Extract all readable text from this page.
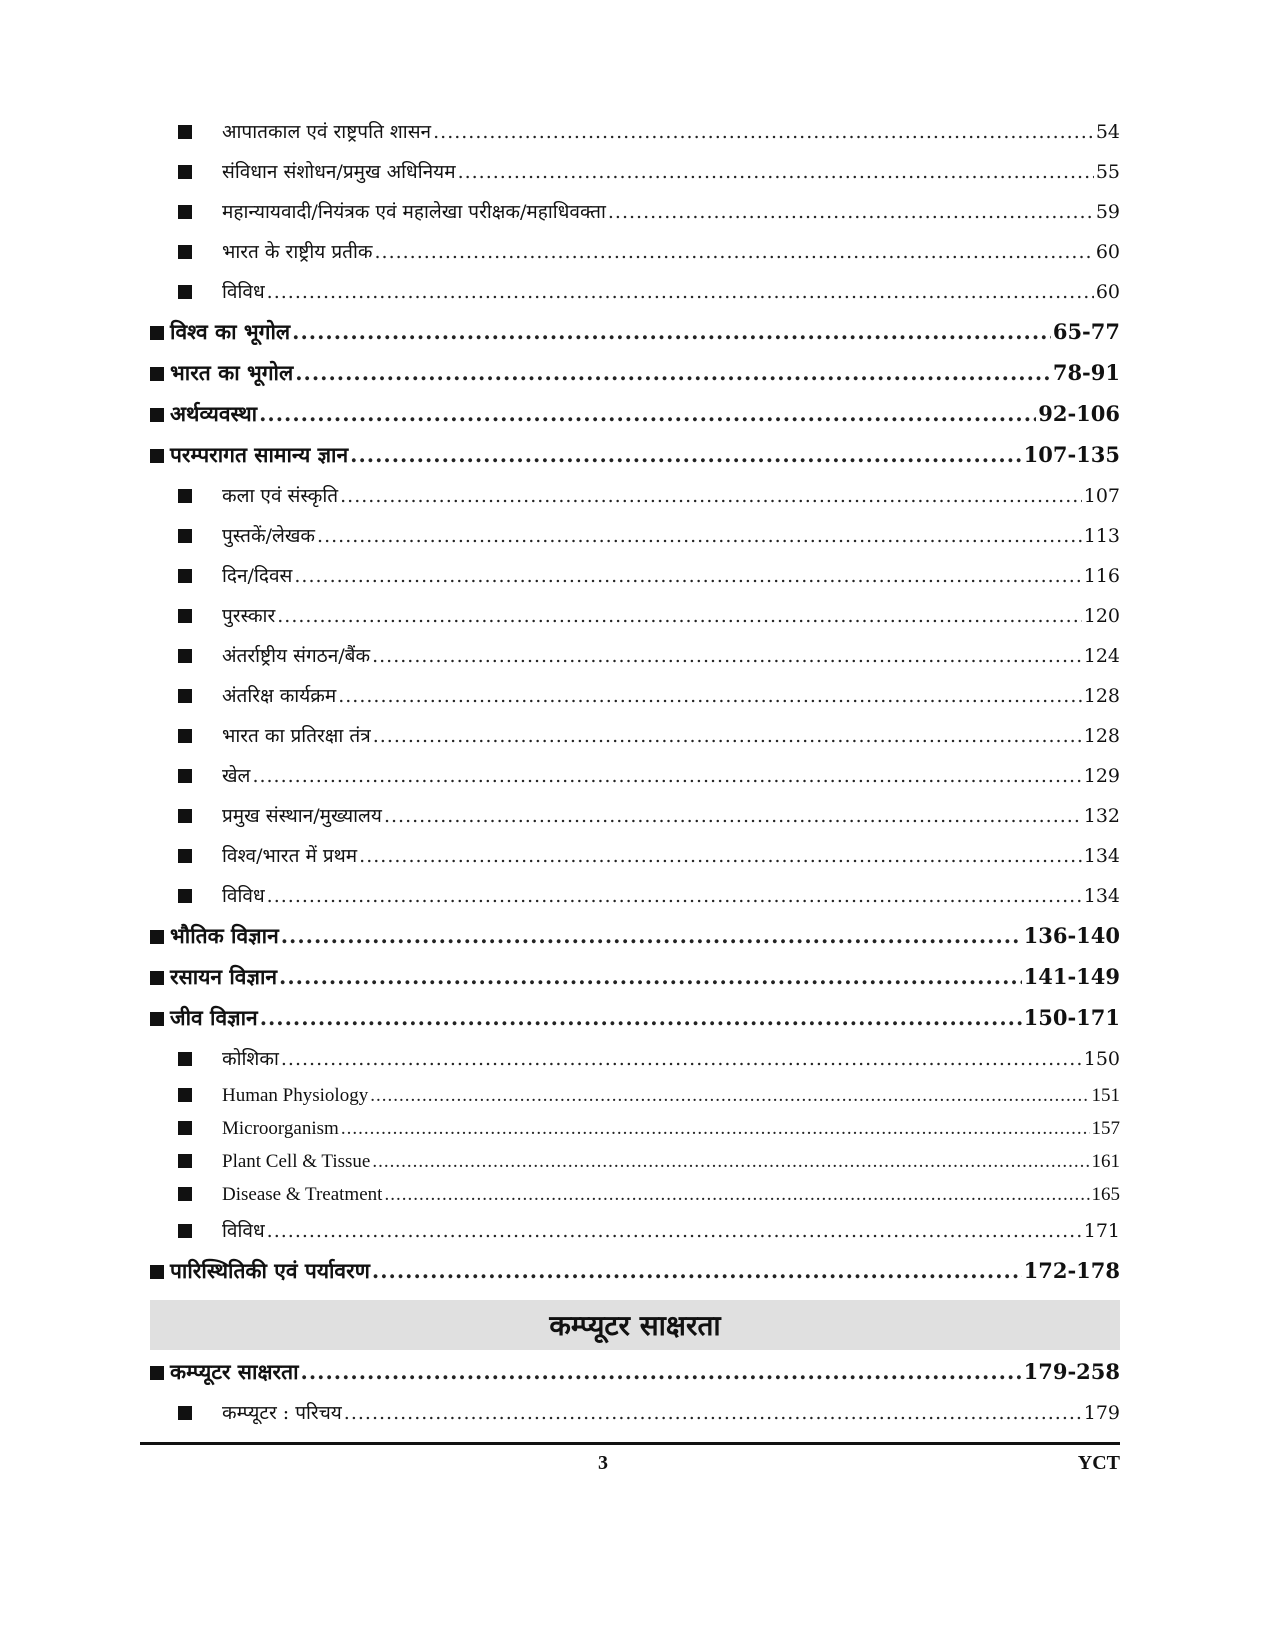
आपातकाल एवं राष्ट्रपति शासन .....	54
संविधान संशोधन/प्रमुख अधिनियम .....	55
महान्यायवादी/नियंत्रक एवं महालेखा परीक्षक/महाधिवक्ता .....	59
भारत के राष्ट्रीय प्रतीक .....	60
विविध .....	60
विश्व का भूगोल .....	65-77
भारत का भूगोल .....	78-91
अर्थव्यवस्था .....	92-106
परम्परागत सामान्य ज्ञान .....	107-135
कला एवं संस्कृति .....	107
पुस्तकें/लेखक .....	113
दिन/दिवस .....	116
पुरस्कार .....	120
अंतर्राष्ट्रीय संगठन/बैंक .....	124
अंतरिक्ष कार्यक्रम .....	128
भारत का प्रतिरक्षा तंत्र .....	128
खेल .....	129
प्रमुख संस्थान/मुख्यालय .....	132
विश्व/भारत में प्रथम .....	134
विविध .....	134
भौतिक विज्ञान .....	136-140
रसायन विज्ञान .....	141-149
जीव विज्ञान .....	150-171
कोशिका .....	150
Human Physiology .....	151
Microorganism .....	157
Plant Cell & Tissue .....	161
Disease & Treatment .....	165
विविध .....	171
पारिस्थितिकी एवं पर्यावरण .....	172-178
कम्प्यूटर साक्षरता
कम्प्यूटर साक्षरता .....	179-258
कम्प्यूटर : परिचय .....	179
3	YCT
